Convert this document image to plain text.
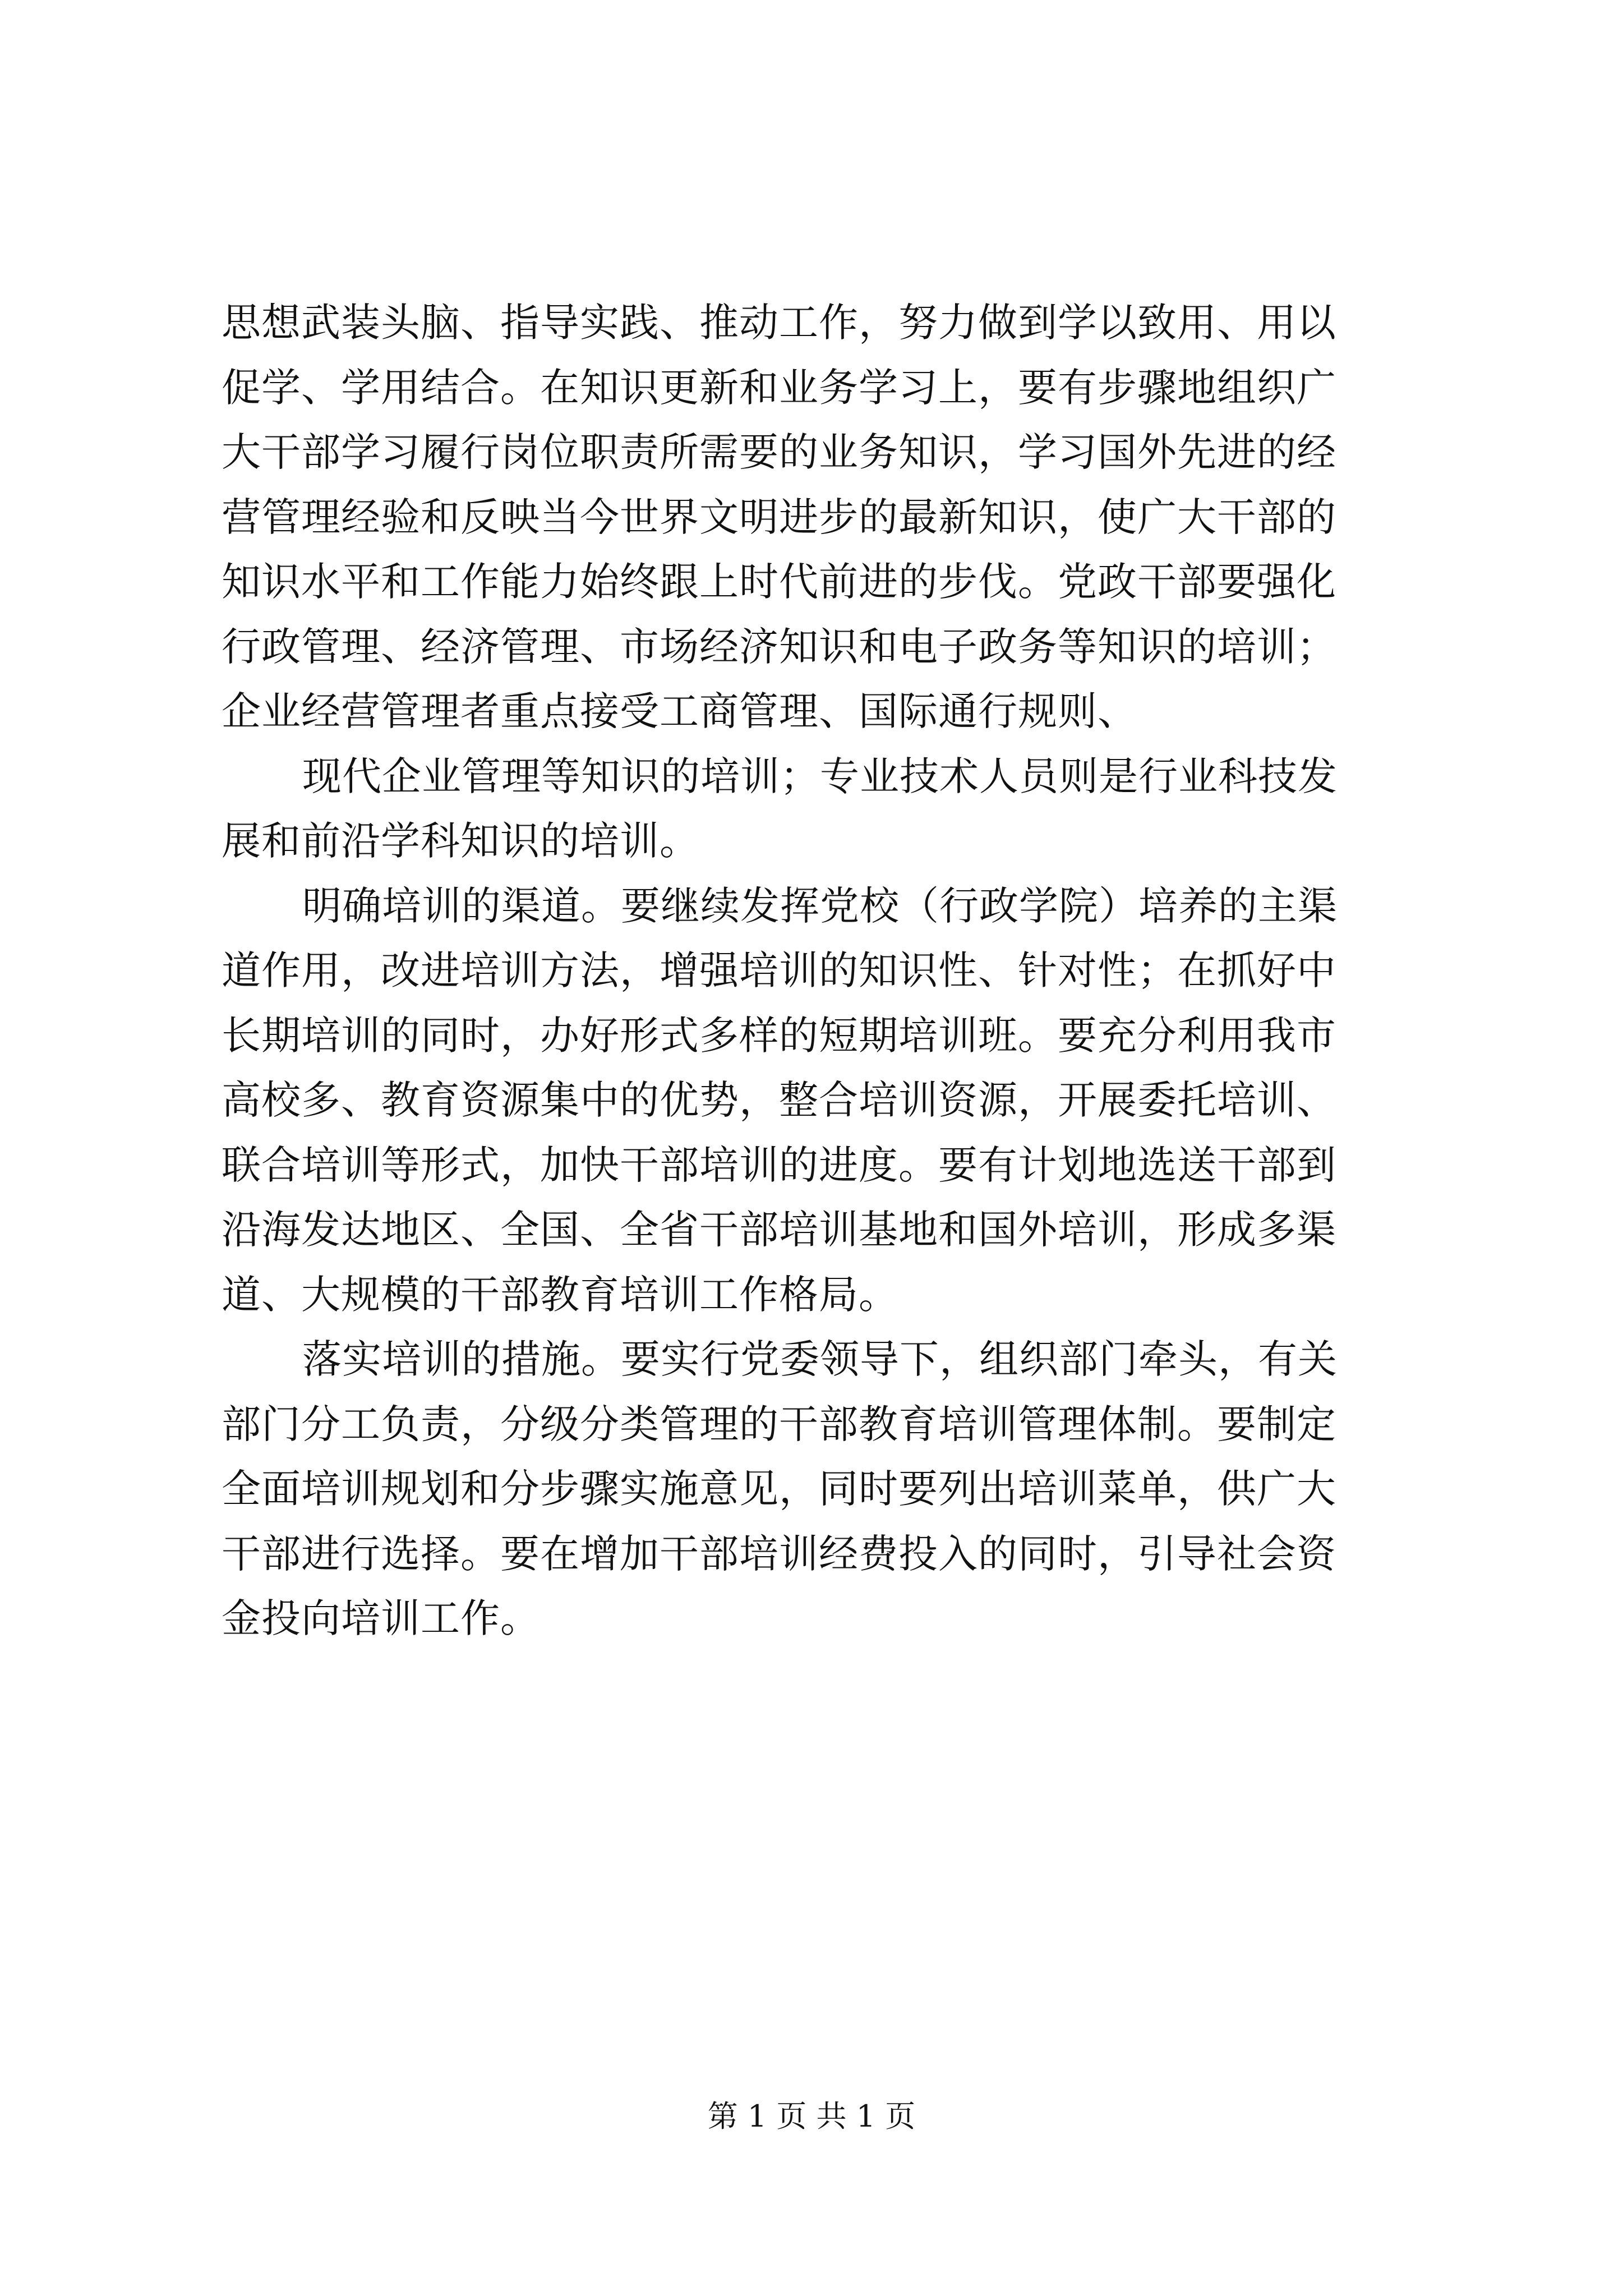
思想武装头脑、指导实践、推动工作，努力做到学以致用、用以
促学、学用结合。在知识更新和业务学习上，要有步骤地组织广
大干部学习履行岗位职责所需要的业务知识，学习国外先进的经
营管理经验和反映当今世界文明进步的最新知识，使广大干部的
知识水平和工作能力始终跟上时代前进的步伐。党政干部要强化
行政管理、经济管理、市场经济知识和电子政务等知识的培训；
企业经营管理者重点接受工商管理、国际通行规则、
现代企业管理等知识的培训；专业技术人员则是行业科技发
展和前沿学科知识的培训。
明确培训的渠道。要继续发挥党校（行政学院）培养的主渠
道作用，改进培训方法，增强培训的知识性、针对性；在抓好中
长期培训的同时，办好形式多样的短期培训班。要充分利用我市
高校多、教育资源集中的优势，整合培训资源，开展委托培训、
联合培训等形式，加快干部培训的进度。要有计划地选送干部到
沿海发达地区、全国、全省干部培训基地和国外培训，形成多渠
道、大规模的干部教育培训工作格局。
落实培训的措施。要实行党委领导下，组织部门牵头，有关
部门分工负责，分级分类管理的干部教育培训管理体制。要制定
全面培训规划和分步骤实施意见，同时要列出培训菜单，供广大
干部进行选择。要在增加干部培训经费投入的同时，引导社会资
金投向培训工作。
第 1 页 共 1 页
